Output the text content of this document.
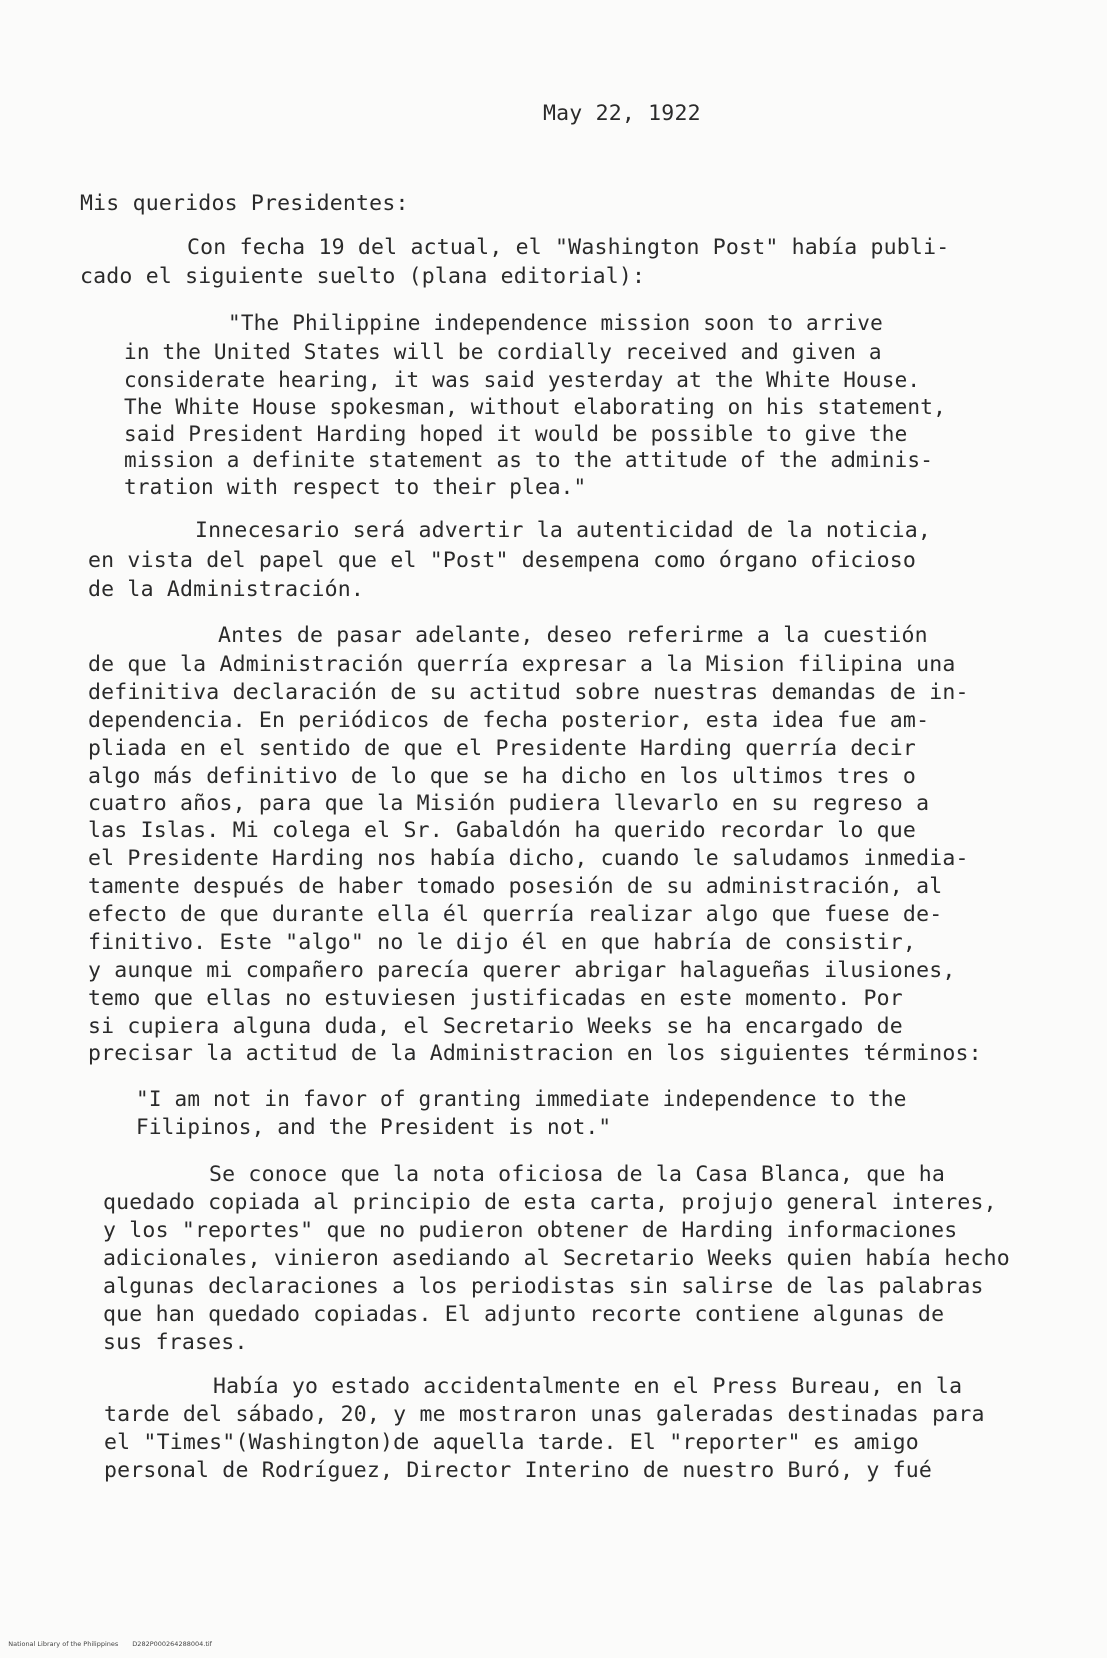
May 22, 1922
Mis queridos Presidentes:
Con fecha 19 del actual, el "Washington Post" había publi-
cado el siguiente suelto (plana editorial):
"The Philippine independence mission soon to arrive
in the United States will be cordially received and given a
considerate hearing, it was said yesterday at the White House.
The White House spokesman, without elaborating on his statement,
said President Harding hoped it would be possible to give the
mission a definite statement as to the attitude of the adminis-
tration with respect to their plea."
Innecesario será advertir la autenticidad de la noticia,
en vista del papel que el "Post" desempena como órgano oficioso
de la Administración.
Antes de pasar adelante, deseo referirme a la cuestión
de que la Administración querría expresar a la Mision filipina una
definitiva declaración de su actitud sobre nuestras demandas de in-
dependencia. En periódicos de fecha posterior, esta idea fue am-
pliada en el sentido de que el Presidente Harding querría decir
algo más definitivo de lo que se ha dicho en los ultimos tres o
cuatro años, para que la Misión pudiera llevarlo en su regreso a
las Islas. Mi colega el Sr. Gabaldón ha querido recordar lo que
el Presidente Harding nos había dicho, cuando le saludamos inmedia-
tamente después de haber tomado posesión de su administración, al
efecto de que durante ella él querría realizar algo que fuese de-
finitivo. Este "algo" no le dijo él en que habría de consistir,
y aunque mi compañero parecía querer abrigar halagueñas ilusiones,
temo que ellas no estuviesen justificadas en este momento. Por
si cupiera alguna duda, el Secretario Weeks se ha encargado de
precisar la actitud de la Administracion en los siguientes términos:
"I am not in favor of granting immediate independence to the
Filipinos, and the President is not."
Se conoce que la nota oficiosa de la Casa Blanca, que ha
quedado copiada al principio de esta carta, projujo general interes,
y los "reportes" que no pudieron obtener de Harding informaciones
adicionales, vinieron asediando al Secretario Weeks quien había hecho
algunas declaraciones a los periodistas sin salirse de las palabras
que han quedado copiadas. El adjunto recorte contiene algunas de
sus frases.
Había yo estado accidentalmente en el Press Bureau, en la
tarde del sábado, 20, y me mostraron unas galeradas destinadas para
el "Times"(Washington)de aquella tarde. El "reporter" es amigo
personal de Rodríguez, Director Interino de nuestro Buró, y fué

National Library of the Philippines D282P000264288004.tif
